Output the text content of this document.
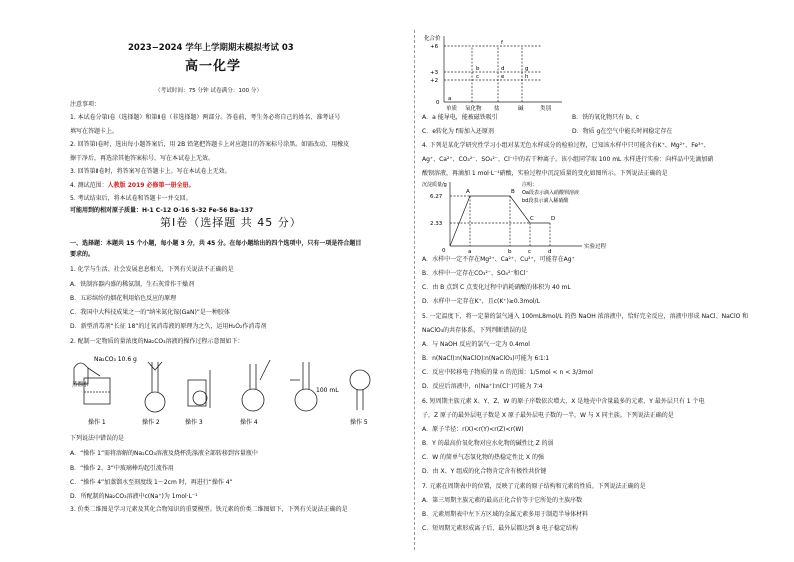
2023−2024 学年上学期期末模拟考试 03
高一化学
（考试时间：75 分钟 试卷满分：100 分）
注意事项：
1. 本试卷分第Ⅰ卷（选择题）和第Ⅱ卷（非选择题）两部分。答卷前，考生务必将自己的姓名、准考证号
填写在答题卡上。
2. 回答第Ⅰ卷时，选出每小题答案后，用 2B 铅笔把答题卡上对应题目的答案标号涂黑。如需改动，用橡皮
擦干净后，再选涂其他答案标号。写在本试卷上无效。
3. 回答第Ⅱ卷时，将答案写在答题卡上。写在本试卷上无效。
4. 测试范围：人教版 2019 必修第一册全册。
5. 考试结束后，将本试卷和答题卡一并交回。
可能用到的相对原子质量：H-1 C-12 O-16 S-32 Fe-56 Ba-137
第Ⅰ卷（选择题 共 45 分）
一、选择题：本题共 15 个小题，每小题 3 分，共 45 分。在每小题给出的四个选项中，只有一项是符合题目
要求的。
1. 化学与生活、社会发展息息相关，下列有关说法不正确的是
A．铁制容器内盛的稀氨制，生石灰常作干燥剂
B．五彩缤纷的烟花利用焰色反应的原理
C．我国中大科技成果之一的“纳米氮化镓(GaN)”是一种胶体
D．新型消毒剂“长征 18”的过氧消毒液的原理为之久，运用H₂O₂作消毒剂
2. 配制一定物质的量浓度的Na₂CO₃溶液的操作过程示意图如下：
Na₂CO₃ 10.6 g
蒸馏水
100 mL
操作 1	操作 2	操作 3	操作 4	操作 5
下列说法中错误的是
A．“操作 1”需将溶解的Na₂CO₃溶液及烧杯洗涤液全部转移到容量瓶中
B．“操作 2、3”中玻璃棒均起引流作用
C．“操作 4”加蒸馏水至刻度线 1～2cm 时，再进行“操作 4”
D．所配制的Na₂CO₃溶液中c(Na⁺)为 1mol·L⁻¹
3. 价类二维图是学习元素及其化合物知识的重要模型。铁元素的价类二维图如下，下列有关说法正确的是
化合价
+6
+3
+2
0
单质 氧化物 盐	碱	类别
a
b
c
d
e
f
g
h
A．a 能导电，能被磁铁吸引	B．铁的氧化物只有 b、c
C．e转化为 f需加入还原剂	D．物质 g在空气中能长时间稳定存在
4. 下列是某化学研究性学习小组对某无色水样成分的检验过程，已知该水样中只可能含有K⁺、Mg²⁺、Fe³⁺、
Ag⁺、Ca²⁺、CO₃²⁻、SO₄²⁻、Cl⁻中的若干种离子。该小组同学取 100 mL 水样进行实验：向样品中先滴加硝
酸钡溶液，再滴加 1 mol·L⁻¹硝酸，实验过程中沉淀质量的变化如图所示。下列说法正确的是
沉淀质量/g
6.27
2.33
0	a	b	c	d
实验过程
A	B
C	D
注明：
Oa段表示滴入硝酸钡溶液
bd段表示滴入稀硝酸
A．水样中一定不存在Mg²⁺、Ca²⁺、Cu²⁺，可能存在Ag⁺
B．水样中一定存在CO₃²⁻、SO₄²⁻和Cl⁻
C．由 B 点到 C 点变化过程中消耗硝酸的体积为 40 mL
D．水样中一定存在K⁺，且c(K⁺)≥0.3mol/L
5. 一定温度下，将一定量的氯气通入 100mL8mol/L 的热 NaOH 浓溶液中，恰好完全反应，溶液中形成 NaCl、NaClO 和
NaClO₃的共存体系，下列判断错误的是
A．与 NaOH 反应的氯气一定为 0.4mol
B．n(NaCl)∶n(NaClO)∶n(NaClO₃)可能为 6∶1∶1
C．反应中转移电子物质的量 n 的范围：1/5mol < n < 3/3mol
D．反应后溶液中，n(Na⁺)∶n(Cl⁻)可能为 7∶4
6. 短周期主族元素 X、Y、Z、W 的原子序数依次增大，X 是地壳中含量最多的元素，Y 最外层只有 1 个电
子，Z 原子的最外层电子数是 X 原子最外层电子数的一半，W 与 X 同主族。下列说法正确的是
A．原子半径：r(X)<r(Y)<r(Z)<r(W)
B．Y 的最高价氧化物对应水化物的碱性比 Z 的弱
C．W 的简单气态氢化物的热稳定性比 X 的强
D．由 X、Y 组成的化合物肯定含有极性共价键
7. 元素在周期表中的位置，反映了元素的原子结构和元素的性质。下列说法正确的是
A．第三周期主族元素的最高正化合价等于它所处的主族序数
B．元素周期表中左下方区域的金属元素多用于制造半导体材料
C．短周期元素形成离子后，最外层都达到 8 电子稳定结构
